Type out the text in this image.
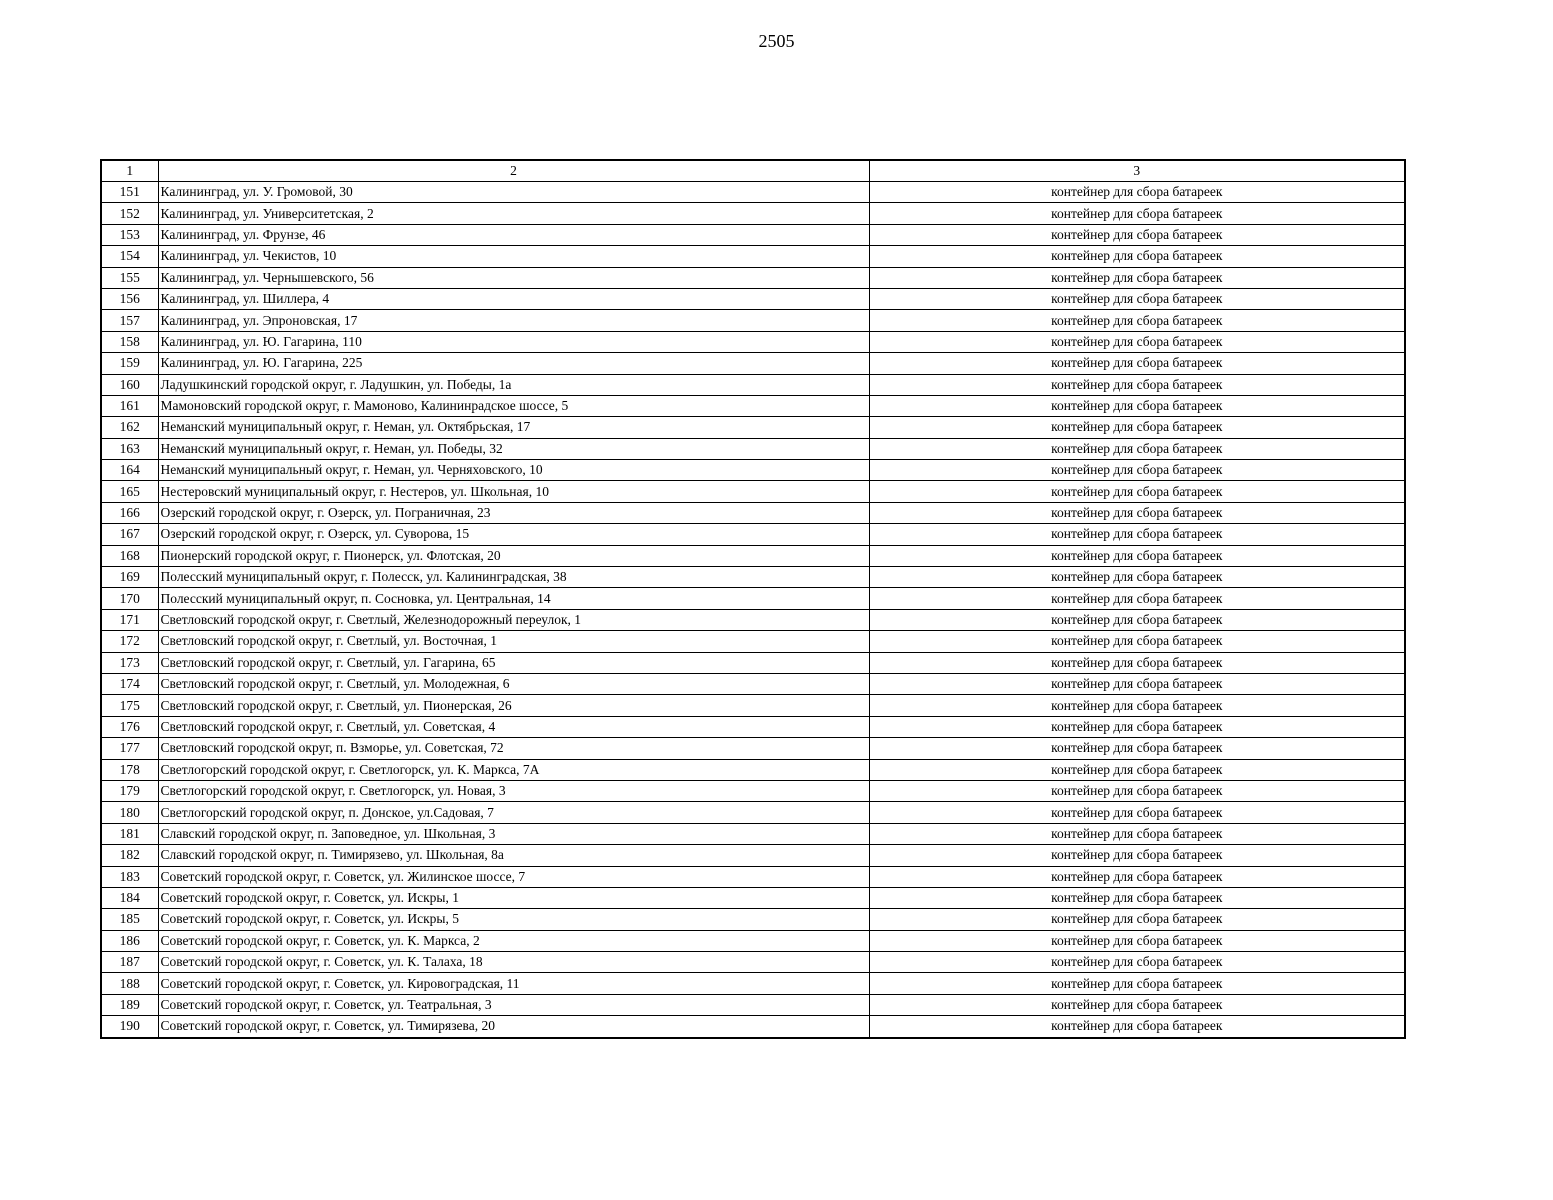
2505
1	2	3
151	Калининград, ул. У. Громовой, 30	контейнер для сбора батареек
152	Калининград, ул. Университетская, 2	контейнер для сбора батареек
153	Калининград, ул. Фрунзе, 46	контейнер для сбора батареек
154	Калининград, ул. Чекистов, 10	контейнер для сбора батареек
155	Калининград, ул. Чернышевского, 56	контейнер для сбора батареек
156	Калининград, ул. Шиллера, 4	контейнер для сбора батареек
157	Калининград, ул. Эпроновская, 17	контейнер для сбора батареек
158	Калининград, ул. Ю. Гагарина, 110	контейнер для сбора батареек
159	Калининград, ул. Ю. Гагарина, 225	контейнер для сбора батареек
160	Ладушкинский городской округ, г. Ладушкин, ул. Победы, 1а	контейнер для сбора батареек
161	Мамоновский городской округ, г. Мамоново, Калининрадское шоссе, 5	контейнер для сбора батареек
162	Неманский муниципальный округ, г. Неман, ул. Октябрьская, 17	контейнер для сбора батареек
163	Неманский муниципальный округ, г. Неман, ул. Победы, 32	контейнер для сбора батареек
164	Неманский муниципальный округ, г. Неман, ул. Черняховского, 10	контейнер для сбора батареек
165	Нестеровский муниципальный округ, г. Нестеров, ул. Школьная, 10	контейнер для сбора батареек
166	Озерский городской округ, г. Озерск, ул. Пограничная, 23	контейнер для сбора батареек
167	Озерский городской округ, г. Озерск, ул. Суворова, 15	контейнер для сбора батареек
168	Пионерский городской округ, г. Пионерск, ул. Флотская, 20	контейнер для сбора батареек
169	Полесский муниципальный округ, г. Полесск, ул. Калининградская, 38	контейнер для сбора батареек
170	Полесский муниципальный округ, п. Сосновка, ул. Центральная, 14	контейнер для сбора батареек
171	Светловский городской округ, г. Светлый, Железнодорожный переулок, 1	контейнер для сбора батареек
172	Светловский городской округ, г. Светлый, ул. Восточная, 1	контейнер для сбора батареек
173	Светловский городской округ, г. Светлый, ул. Гагарина, 65	контейнер для сбора батареек
174	Светловский городской округ, г. Светлый, ул. Молодежная, 6	контейнер для сбора батареек
175	Светловский городской округ, г. Светлый, ул. Пионерская, 26	контейнер для сбора батареек
176	Светловский городской округ, г. Светлый, ул. Советская, 4	контейнер для сбора батареек
177	Светловский городской округ, п. Взморье, ул. Советская, 72	контейнер для сбора батареек
178	Светлогорский городской округ, г. Светлогорск, ул. К. Маркса, 7А	контейнер для сбора батареек
179	Светлогорский городской округ, г. Светлогорск, ул. Новая, 3	контейнер для сбора батареек
180	Светлогорский городской округ, п. Донское, ул.Садовая, 7	контейнер для сбора батареек
181	Славский городской округ, п. Заповедное, ул. Школьная, 3	контейнер для сбора батареек
182	Славский городской округ, п. Тимирязево, ул. Школьная, 8а	контейнер для сбора батареек
183	Советский городской округ, г. Советск, ул. Жилинское шоссе, 7	контейнер для сбора батареек
184	Советский городской округ, г. Советск, ул. Искры, 1	контейнер для сбора батареек
185	Советский городской округ, г. Советск, ул. Искры, 5	контейнер для сбора батареек
186	Советский городской округ, г. Советск, ул. К. Маркса, 2	контейнер для сбора батареек
187	Советский городской округ, г. Советск, ул. К. Талаха, 18	контейнер для сбора батареек
188	Советский городской округ, г. Советск, ул. Кировоградская, 11	контейнер для сбора батареек
189	Советский городской округ, г. Советск, ул. Театральная, 3	контейнер для сбора батареек
190	Советский городской округ, г. Советск, ул. Тимирязева, 20	контейнер для сбора батареек
